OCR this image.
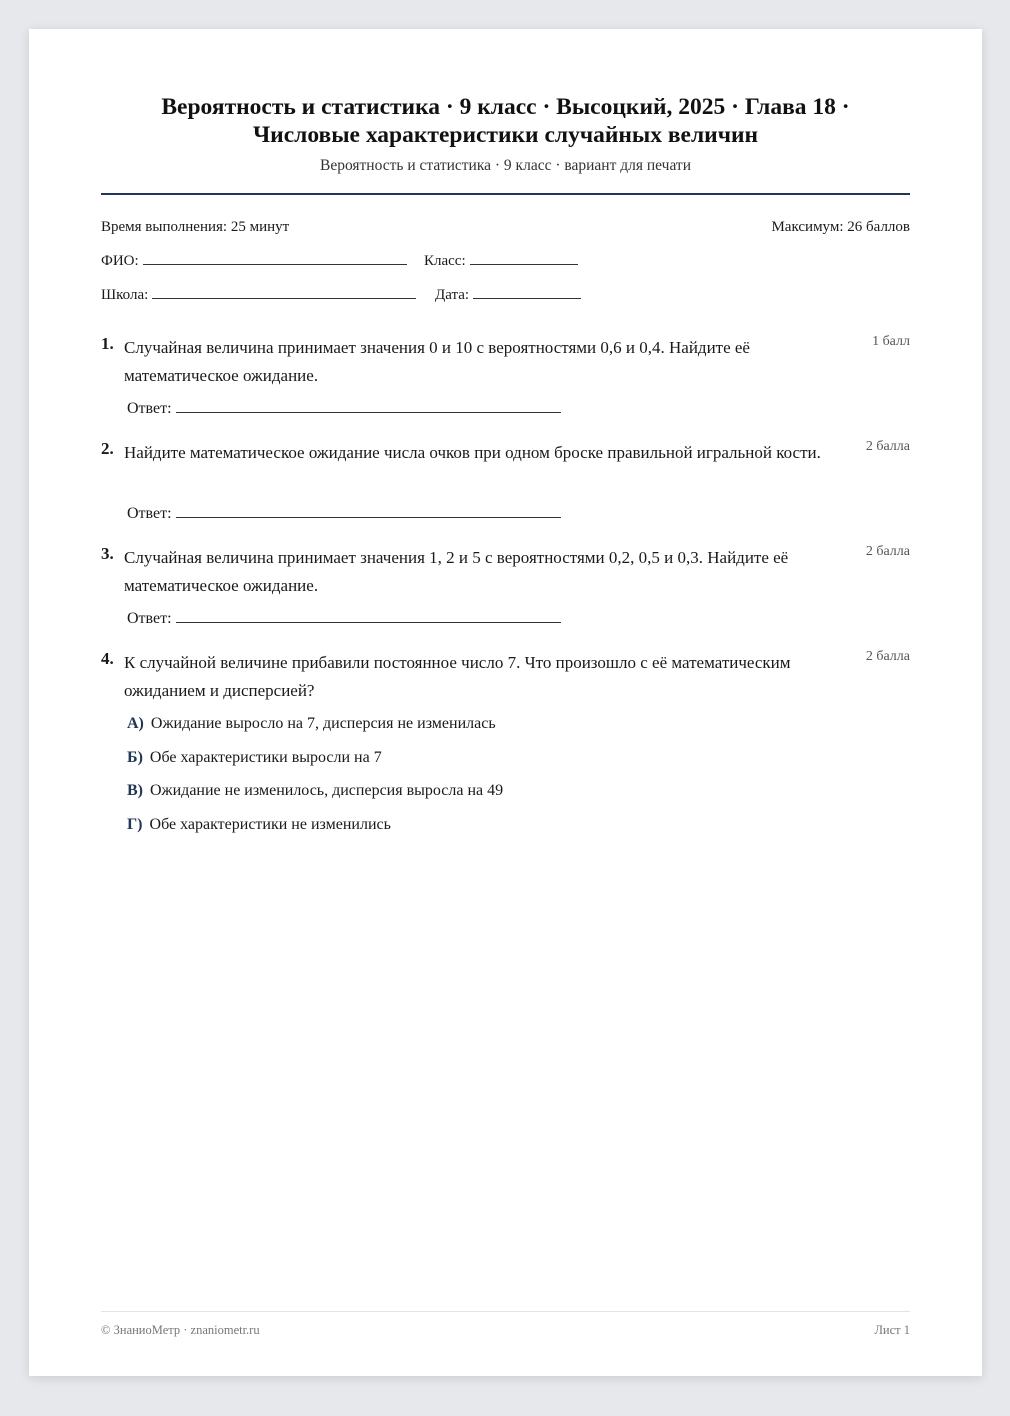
Вероятность и статистика · 9 класс · Высоцкий, 2025 · Глава 18 ·
Числовые характеристики случайных величин
Вероятность и статистика · 9 класс · вариант для печати
Время выполнения: 25 минут	Максимум: 26 баллов
ФИО:	Класс:
Школа:	Дата:
1. Случайная величина принимает значения 0 и 10 с вероятностями 0,6 и 0,4. Найдите её математическое ожидание.
1 балл
Ответ:
2. Найдите математическое ожидание числа очков при одном броске правильной игральной кости.	2 балла
Ответ:
3. Случайная величина принимает значения 1, 2 и 5 с вероятностями 0,2, 0,5 и 0,3. Найдите её математическое ожидание.
2 балла
Ответ:
4. К случайной величине прибавили постоянное число 7. Что произошло с её математическим ожиданием и дисперсией?
2 балла
А) Ожидание выросло на 7, дисперсия не изменилась
Б) Обе характеристики выросли на 7
В) Ожидание не изменилось, дисперсия выросла на 49
Г) Обе характеристики не изменились
© ЗнаниоМетр · znaniometr.ru	Лист 1
